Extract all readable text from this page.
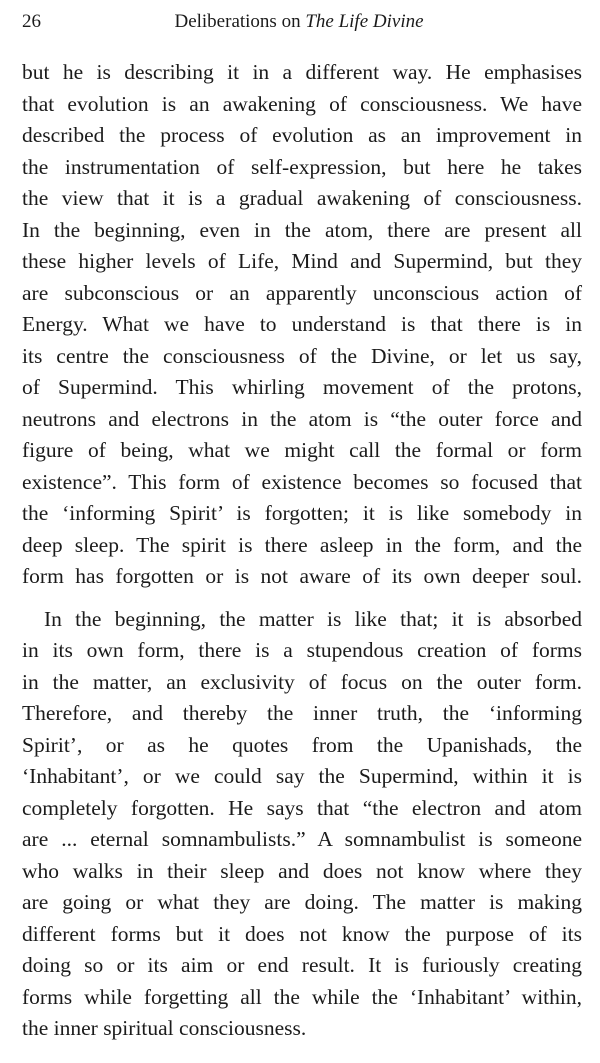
26	Deliberations on The Life Divine

but he is describing it in a different way. He emphasises
that evolution is an awakening of consciousness. We have
described the process of evolution as an improvement in
the instrumentation of self-expression, but here he takes
the view that it is a gradual awakening of consciousness.
In the beginning, even in the atom, there are present all
these higher levels of Life, Mind and Supermind, but they
are subconscious or an apparently unconscious action of
Energy. What we have to understand is that there is in
its centre the consciousness of the Divine, or let us say,
of Supermind. This whirling movement of the protons,
neutrons and electrons in the atom is “the outer force and
figure of being, what we might call the formal or form
existence”. This form of existence becomes so focused that
the ‘informing Spirit’ is forgotten; it is like somebody in
deep sleep. The spirit is there asleep in the form, and the
form has forgotten or is not aware of its own deeper soul.

In the beginning, the matter is like that; it is absorbed
in its own form, there is a stupendous creation of forms
in the matter, an exclusivity of focus on the outer form.
Therefore, and thereby the inner truth, the ‘informing
Spirit’, or as he quotes from the Upanishads, the
‘Inhabitant’, or we could say the Supermind, within it is
completely forgotten. He says that “the electron and atom
are ... eternal somnambulists.” A somnambulist is someone
who walks in their sleep and does not know where they
are going or what they are doing. The matter is making
different forms but it does not know the purpose of its
doing so or its aim or end result. It is furiously creating
forms while forgetting all the while the ‘Inhabitant’ within,
the inner spiritual consciousness.
